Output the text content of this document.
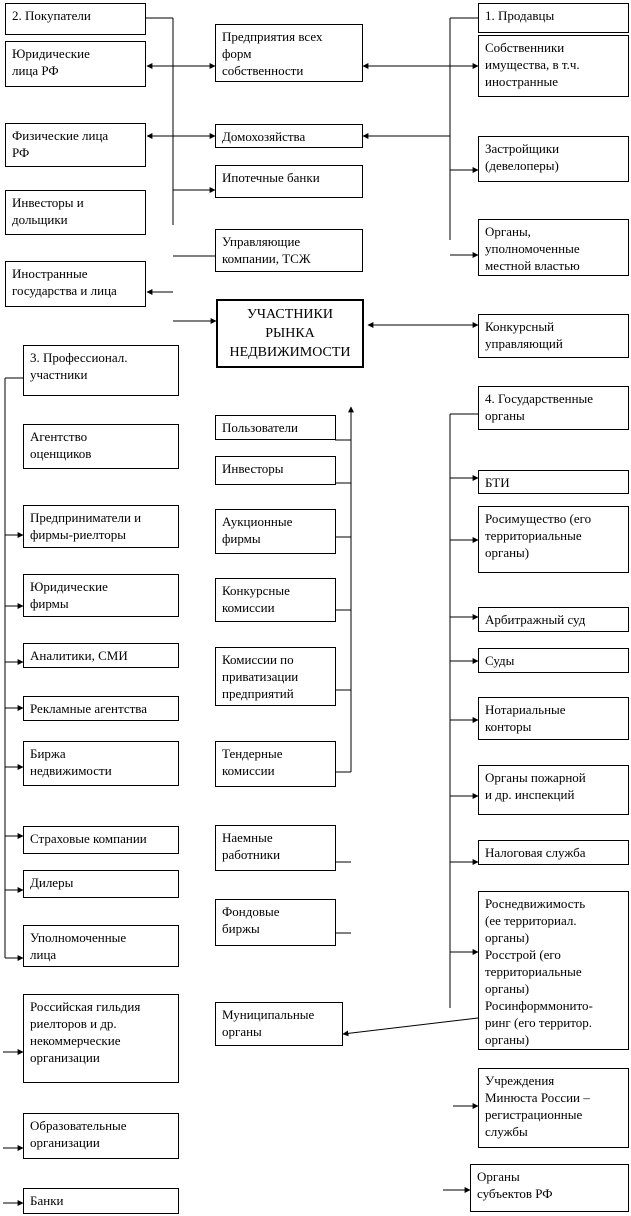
2. Покупатели
Юридические
лица РФ
Физические лица
РФ
Инвесторы и
дольщики
Иностранные
государства и лица
Предприятия всех
форм
собственности
Домохозяйства
Ипотечные банки
Управляющие
компании, ТСЖ
УЧАСТНИКИ
РЫНКА
НЕДВИЖИМОСТИ
1. Продавцы
Собственники
имущества, в т.ч.
иностранные
Застройщики
(девелоперы)
Органы,
уполномоченные
местной властью
Конкурсный
управляющий
3. Профессионал.
участники
Агентство
оценщиков
Предприниматели и
фирмы-риелторы
Юридические
фирмы
Аналитики, СМИ
Рекламные агентства
Биржа
недвижимости
Страховые компании
Дилеры
Уполномоченные
лица
Российская гильдия
риелторов и др.
некоммерческие
организации
Образовательные
организации
Банки
Пользователи
Инвесторы
Аукционные
фирмы
Конкурсные
комиссии
Комиссии по
приватизации
предприятий
Тендерные
комиссии
Наемные
работники
Фондовые
биржы
Муниципальные
органы
4. Государственные
органы
БТИ
Росимущество (его
территориальные
органы)
Арбитражный суд
Суды
Нотариальные
конторы
Органы пожарной
и др. инспекций
Налоговая служба
Роснедвижимость
(ее территориал.
органы)
Росстрой (его
территориальные
органы)
Росинформмонито-
ринг (его территор.
органы)
Учреждения
Минюста России –
регистрационные
службы
Органы
субъектов РФ
